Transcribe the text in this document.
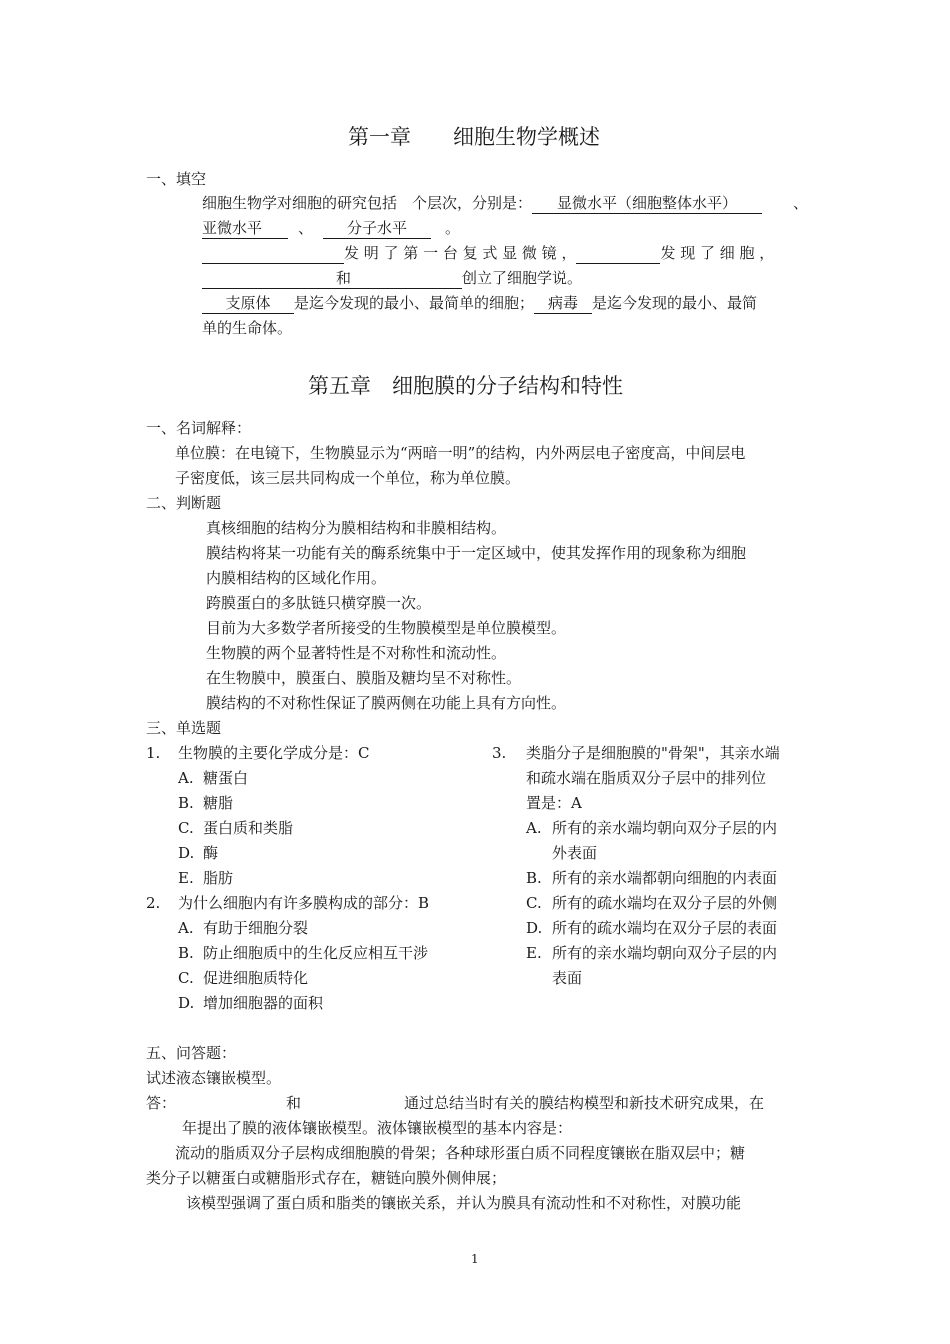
第一章　　细胞生物学概述
一、填空
细胞生物学对细胞的研究包括　个层次，分别是： 显微水平（细胞整体水平）	、
亚微水平 、 分子水平	。
发 明 了 第 一 台 复 式 显 微 镜 ，	发 现 了 细 胞 ，
和	创立了细胞学说。
支原体 是迄今发现的最小、最简单的细胞； 病毒 是迄今发现的最小、最简
单的生命体。
第五章　细胞膜的分子结构和特性
一、名词解释：
单位膜：在电镜下，生物膜显示为“两暗一明”的结构，内外两层电子密度高，中间层电
子密度低，该三层共同构成一个单位，称为单位膜。
二、判断题
真核细胞的结构分为膜相结构和非膜相结构。
膜结构将某一功能有关的酶系统集中于一定区域中，使其发挥作用的现象称为细胞
内膜相结构的区域化作用。
跨膜蛋白的多肽链只横穿膜一次。
目前为大多数学者所接受的生物膜模型是单位膜模型。
生物膜的两个显著特性是不对称性和流动性。
在生物膜中，膜蛋白、膜脂及糖均呈不对称性。
膜结构的不对称性保证了膜两侧在功能上具有方向性。
三、单选题
1. 生物膜的主要化学成分是：C
A. 糖蛋白
B. 糖脂
C. 蛋白质和类脂
D. 酶
E. 脂肪
2. 为什么细胞内有许多膜构成的部分：B
A. 有助于细胞分裂
B. 防止细胞质中的生化反应相互干涉
C. 促进细胞质特化
D. 增加细胞器的面积
3. 类脂分子是细胞膜的"骨架"，其亲水端
和疏水端在脂质双分子层中的排列位
置是：A
A. 所有的亲水端均朝向双分子层的内
外表面
B. 所有的亲水端都朝向细胞的内表面
C. 所有的疏水端均在双分子层的外侧
D. 所有的疏水端均在双分子层的表面
E. 所有的亲水端均朝向双分子层的内
表面
五、问答题：
试述液态镶嵌模型。
答：	和	通过总结当时有关的膜结构模型和新技术研究成果，在
年提出了膜的液体镶嵌模型。液体镶嵌模型的基本内容是：
流动的脂质双分子层构成细胞膜的骨架；各种球形蛋白质不同程度镶嵌在脂双层中；糖
类分子以糖蛋白或糖脂形式存在，糖链向膜外侧伸展；
该模型强调了蛋白质和脂类的镶嵌关系，并认为膜具有流动性和不对称性，对膜功能
1
